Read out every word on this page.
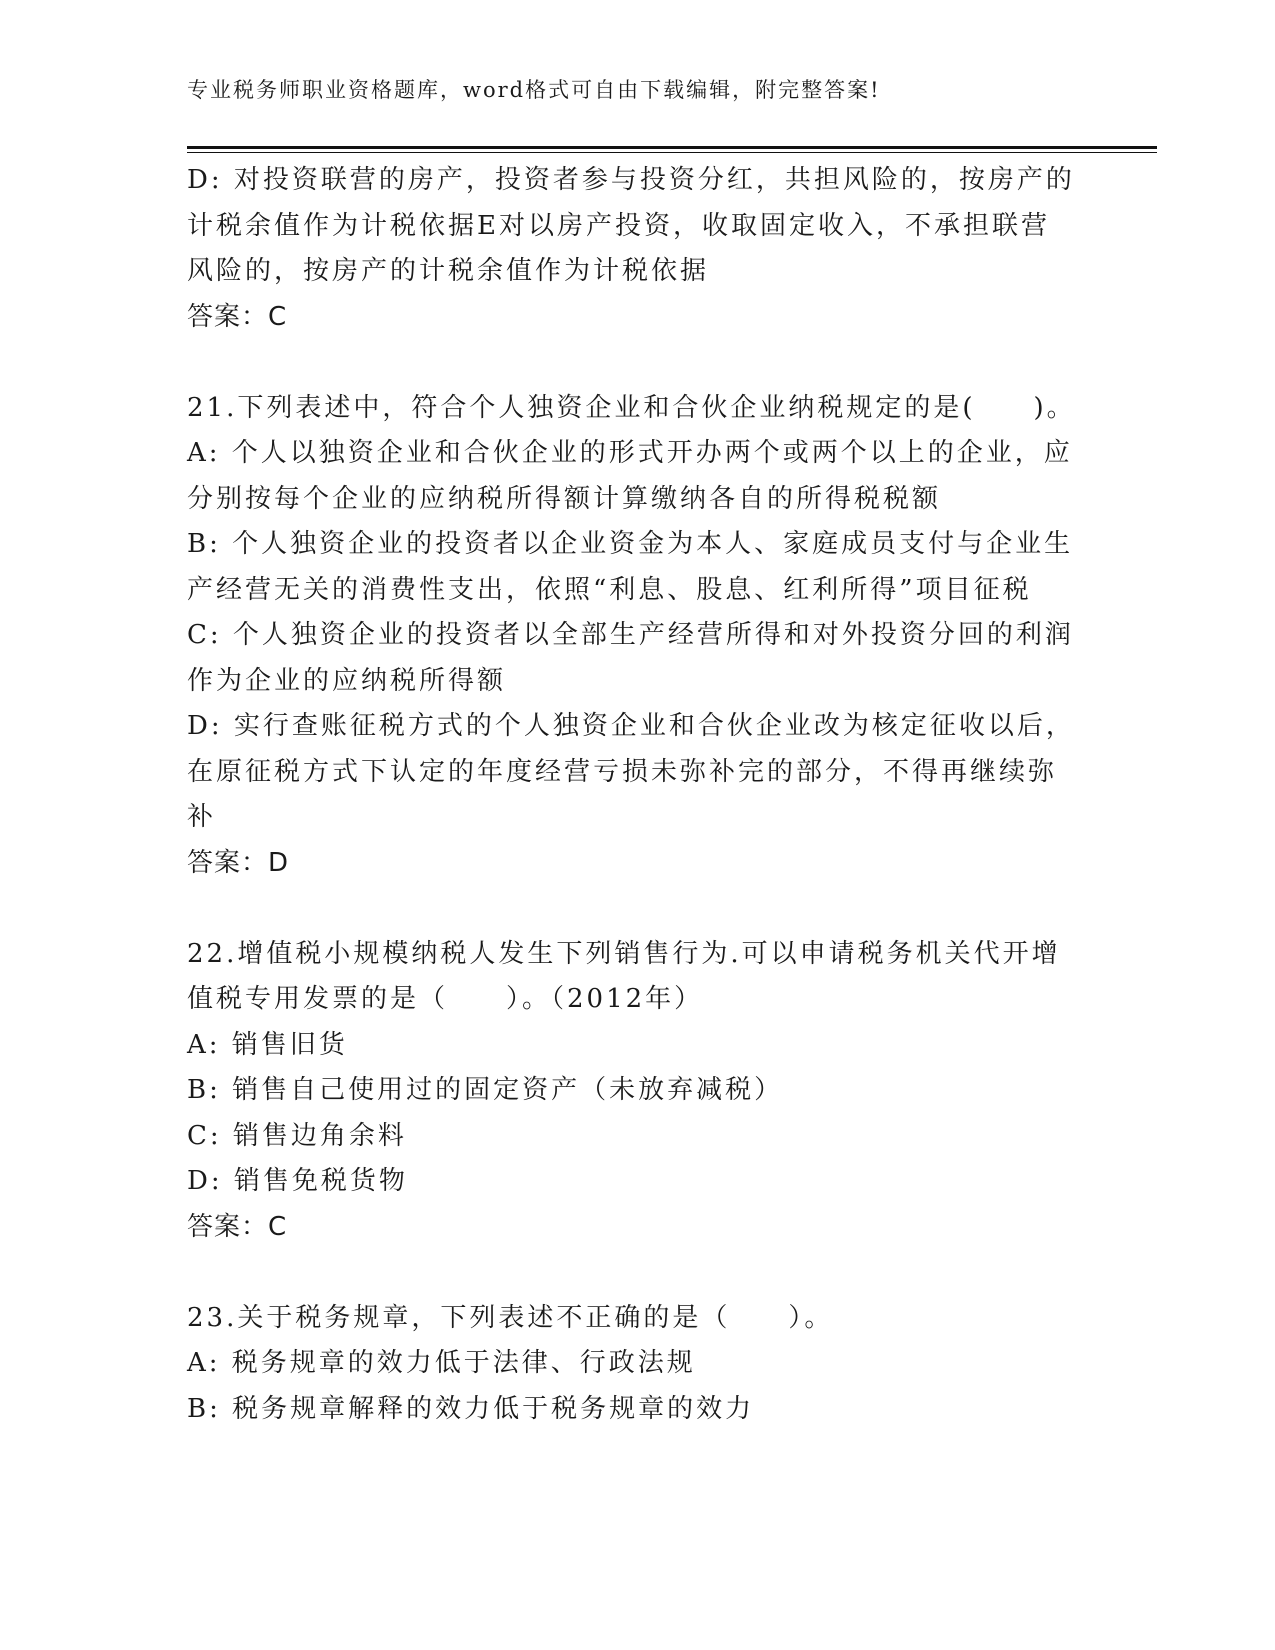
专业税务师职业资格题库，word格式可自由下载编辑，附完整答案!
D: 对投资联营的房产，投资者参与投资分红，共担风险的，按房产的
计税余值作为计税依据E对以房产投资，收取固定收入，不承担联营
风险的，按房产的计税余值作为计税依据
答案：C
21.下列表述中，符合个人独资企业和合伙企业纳税规定的是(　　)。
A: 个人以独资企业和合伙企业的形式开办两个或两个以上的企业，应
分别按每个企业的应纳税所得额计算缴纳各自的所得税税额
B: 个人独资企业的投资者以企业资金为本人、家庭成员支付与企业生
产经营无关的消费性支出，依照“利息、股息、红利所得”项目征税
C: 个人独资企业的投资者以全部生产经营所得和对外投资分回的利润
作为企业的应纳税所得额
D: 实行查账征税方式的个人独资企业和合伙企业改为核定征收以后，
在原征税方式下认定的年度经营亏损未弥补完的部分，不得再继续弥
补
答案：D
22.增值税小规模纳税人发生下列销售行为.可以申请税务机关代开增
值税专用发票的是（　　）。（2012年）
A: 销售旧货
B: 销售自己使用过的固定资产（未放弃减税）
C: 销售边角余料
D: 销售免税货物
答案：C
23.关于税务规章，下列表述不正确的是（　　）。
A: 税务规章的效力低于法律、行政法规
B: 税务规章解释的效力低于税务规章的效力
